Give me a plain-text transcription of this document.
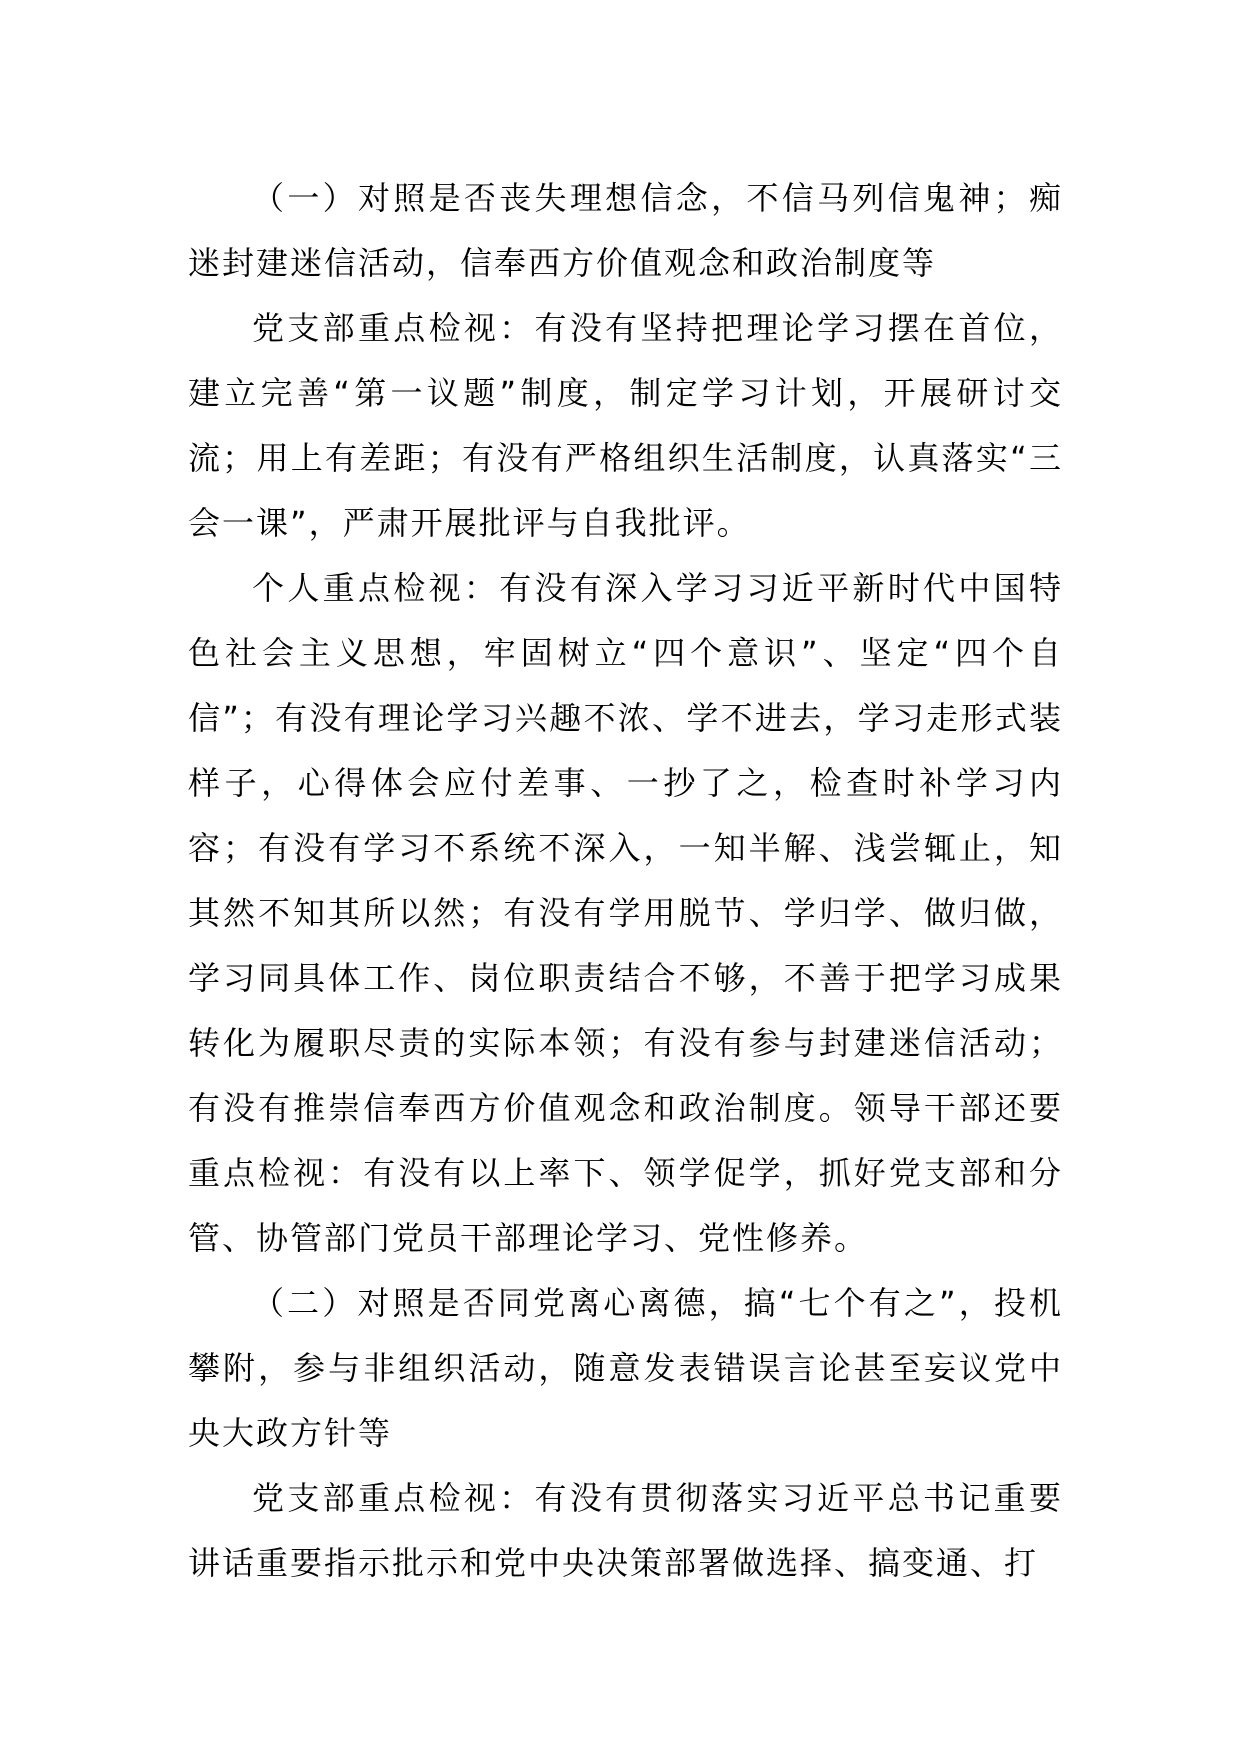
（一）对照是否丧失理想信念，不信马列信鬼神；痴迷封建迷信活动，信奉西方价值观念和政治制度等

党支部重点检视：有没有坚持把理论学习摆在首位，建立完善“第一议题”制度，制定学习计划，开展研讨交流；用上有差距；有没有严格组织生活制度，认真落实“三会一课”，严肃开展批评与自我批评。

个人重点检视：有没有深入学习习近平新时代中国特色社会主义思想，牢固树立“四个意识”、坚定“四个自信”；有没有理论学习兴趣不浓、学不进去，学习走形式装样子，心得体会应付差事、一抄了之，检查时补学习内容；有没有学习不系统不深入，一知半解、浅尝辄止，知其然不知其所以然；有没有学用脱节、学归学、做归做，学习同具体工作、岗位职责结合不够，不善于把学习成果转化为履职尽责的实际本领；有没有参与封建迷信活动；有没有推崇信奉西方价值观念和政治制度。领导干部还要重点检视：有没有以上率下、领学促学，抓好党支部和分管、协管部门党员干部理论学习、党性修养。

（二）对照是否同党离心离德，搞“七个有之”，投机攀附，参与非组织活动，随意发表错误言论甚至妄议党中央大政方针等

党支部重点检视：有没有贯彻落实习近平总书记重要讲话重要指示批示和党中央决策部署做选择、搞变通、打
